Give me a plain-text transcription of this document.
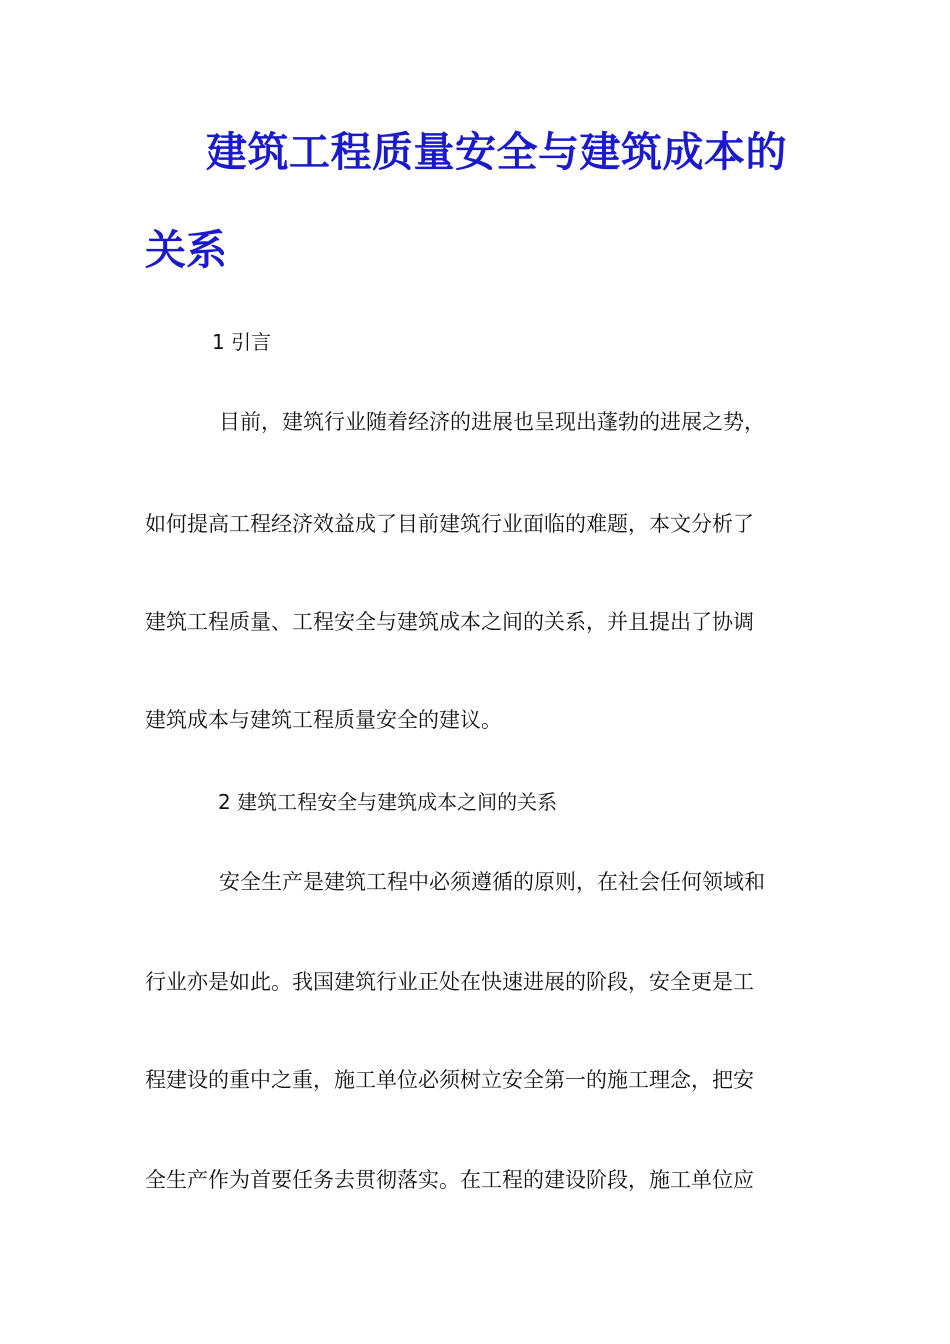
建筑工程质量安全与建筑成本的
关系
1 引言
目前，建筑行业随着经济的进展也呈现出蓬勃的进展之势，
如何提高工程经济效益成了目前建筑行业面临的难题，本文分析了
建筑工程质量、工程安全与建筑成本之间的关系，并且提出了协调
建筑成本与建筑工程质量安全的建议。
2 建筑工程安全与建筑成本之间的关系
安全生产是建筑工程中必须遵循的原则，在社会任何领域和
行业亦是如此。我国建筑行业正处在快速进展的阶段，安全更是工
程建设的重中之重，施工单位必须树立安全第一的施工理念，把安
全生产作为首要任务去贯彻落实。在工程的建设阶段，施工单位应
